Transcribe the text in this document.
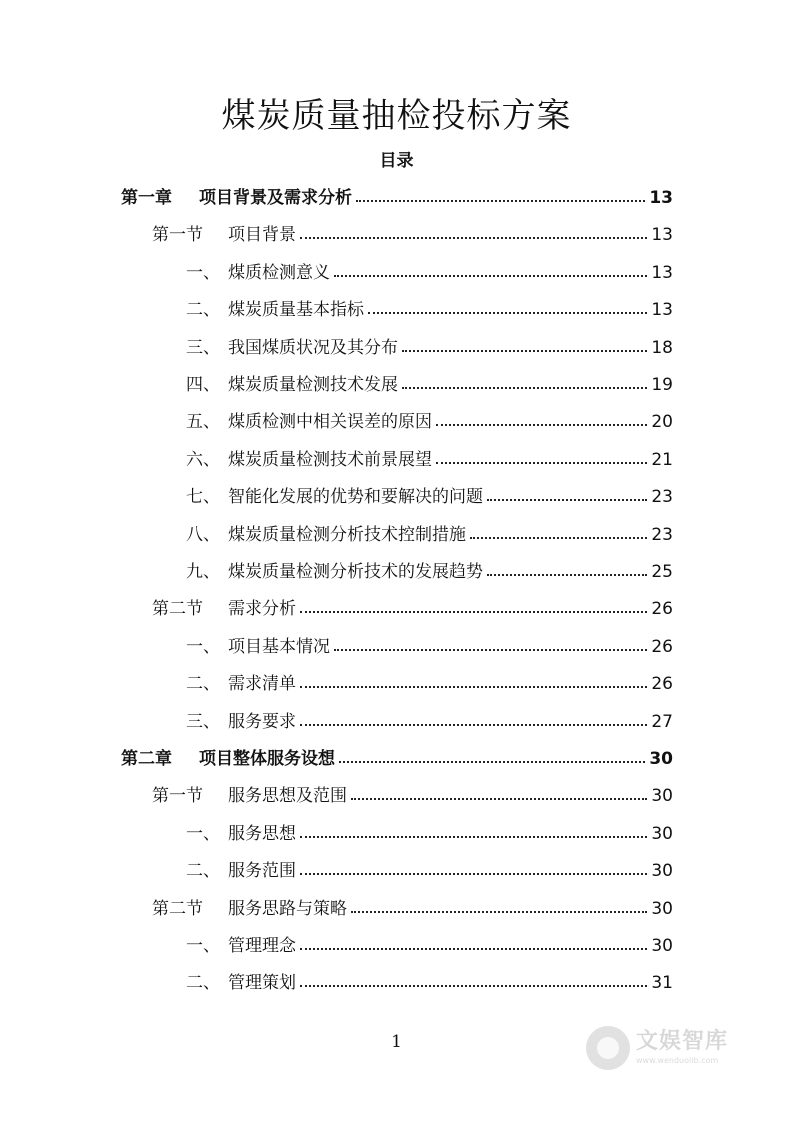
煤炭质量抽检投标方案
目录
第一章 项目背景及需求分析	13
第一节 项目背景	13
一、 煤质检测意义	13
二、 煤炭质量基本指标	13
三、 我国煤质状况及其分布	18
四、 煤炭质量检测技术发展	19
五、 煤质检测中相关误差的原因	20
六、 煤炭质量检测技术前景展望	21
七、 智能化发展的优势和要解决的问题	23
八、 煤炭质量检测分析技术控制措施	23
九、 煤炭质量检测分析技术的发展趋势	25
第二节 需求分析	26
一、 项目基本情况	26
二、 需求清单	26
三、 服务要求	27
第二章 项目整体服务设想	30
第一节 服务思想及范围	30
一、 服务思想	30
二、 服务范围	30
第二节 服务思路与策略	30
一、 管理理念	30
二、 管理策划	31
1	文娱智库
www.wenduolib.com
